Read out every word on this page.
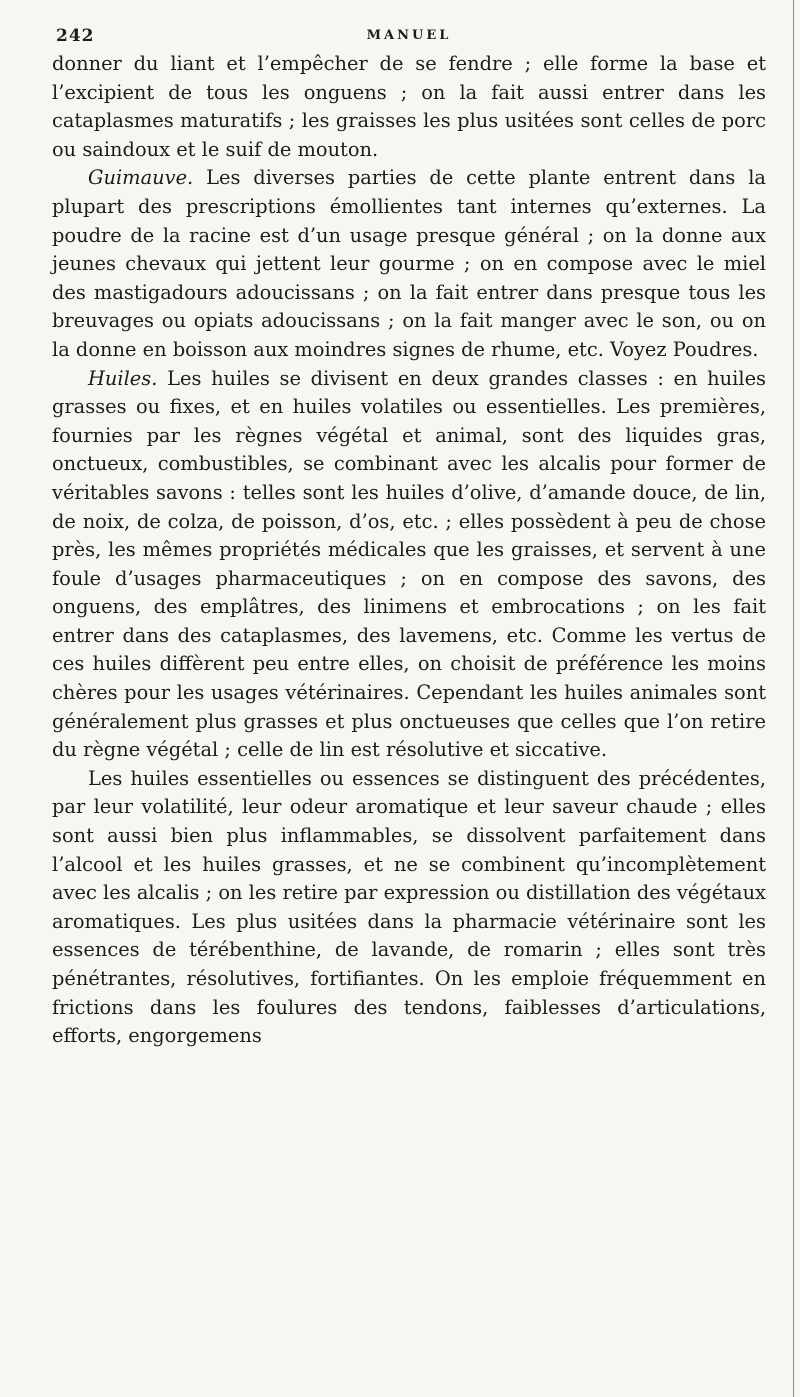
242	MANUEL

donner du liant et l’empêcher de se fendre ; elle forme la base et l’excipient de tous les onguens ; on la fait aussi entrer dans les cataplasmes maturatifs ; les graisses les plus usitées sont celles de porc ou saindoux et le suif de mouton.

Guimauve. Les diverses parties de cette plante entrent dans la plupart des prescriptions émollientes tant internes qu’externes. La poudre de la racine est d’un usage presque général ; on la donne aux jeunes chevaux qui jettent leur gourme ; on en compose avec le miel des mastigadours adoucissans ; on la fait entrer dans presque tous les breuvages ou opiats adoucissans ; on la fait manger avec le son, ou on la donne en boisson aux moindres signes de rhume, etc. Voyez Poudres.

Huiles. Les huiles se divisent en deux grandes classes : en huiles grasses ou fixes, et en huiles volatiles ou essentielles. Les premières, fournies par les règnes végétal et animal, sont des liquides gras, onctueux, combustibles, se combinant avec les alcalis pour former de véritables savons : telles sont les huiles d’olive, d’amande douce, de lin, de noix, de colza, de poisson, d’os, etc. ; elles possèdent à peu de chose près, les mêmes propriétés médicales que les graisses, et servent à une foule d’usages pharmaceutiques ; on en compose des savons, des onguens, des emplâtres, des linimens et embrocations ; on les fait entrer dans des cataplasmes, des lavemens, etc. Comme les vertus de ces huiles diffèrent peu entre elles, on choisit de préférence les moins chères pour les usages vétérinaires. Cependant les huiles animales sont généralement plus grasses et plus onctueuses que celles que l’on retire du règne végétal ; celle de lin est résolutive et siccative.

Les huiles essentielles ou essences se distinguent des précédentes, par leur volatilité, leur odeur aromatique et leur saveur chaude ; elles sont aussi bien plus inflammables, se dissolvent parfaitement dans l’alcool et les huiles grasses, et ne se combinent qu’incomplètement avec les alcalis ; on les retire par expression ou distillation des végétaux aromatiques. Les plus usitées dans la pharmacie vétérinaire sont les essences de térébenthine, de lavande, de romarin ; elles sont très pénétrantes, résolutives, fortifiantes. On les emploie fréquemment en frictions dans les foulures des tendons, faiblesses d’articulations, efforts, engorgemens
